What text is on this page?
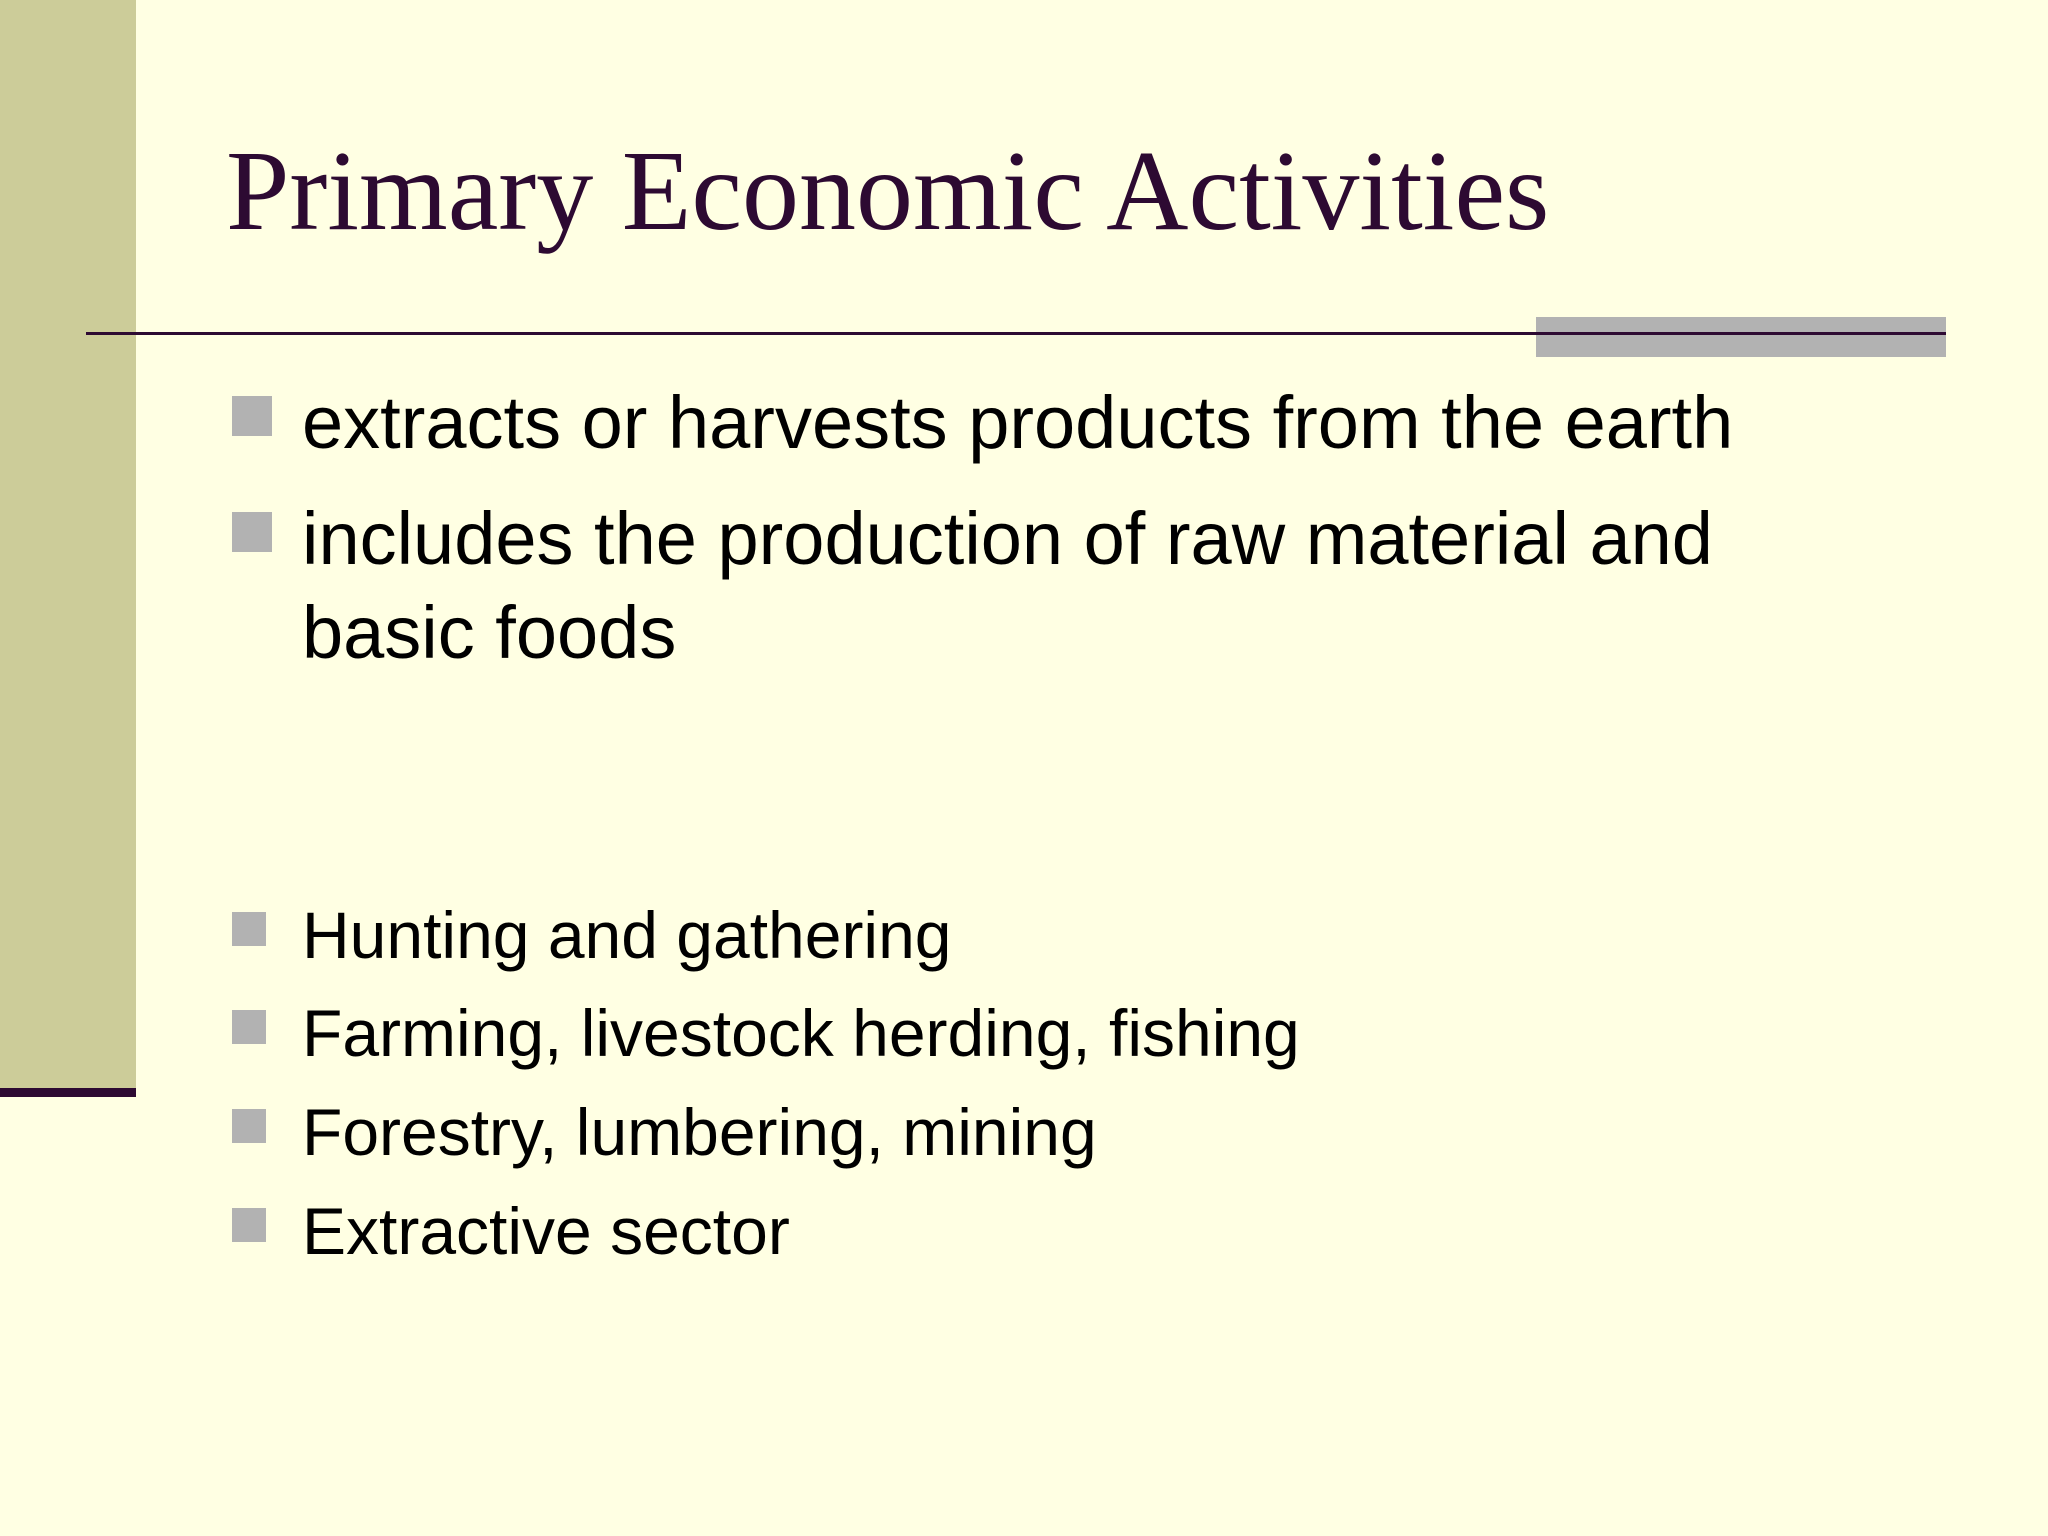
Primary Economic Activities
extracts or harvests products from the earth
includes the production of raw material and basic foods
Hunting and gathering
Farming, livestock herding, fishing
Forestry, lumbering, mining
Extractive sector
